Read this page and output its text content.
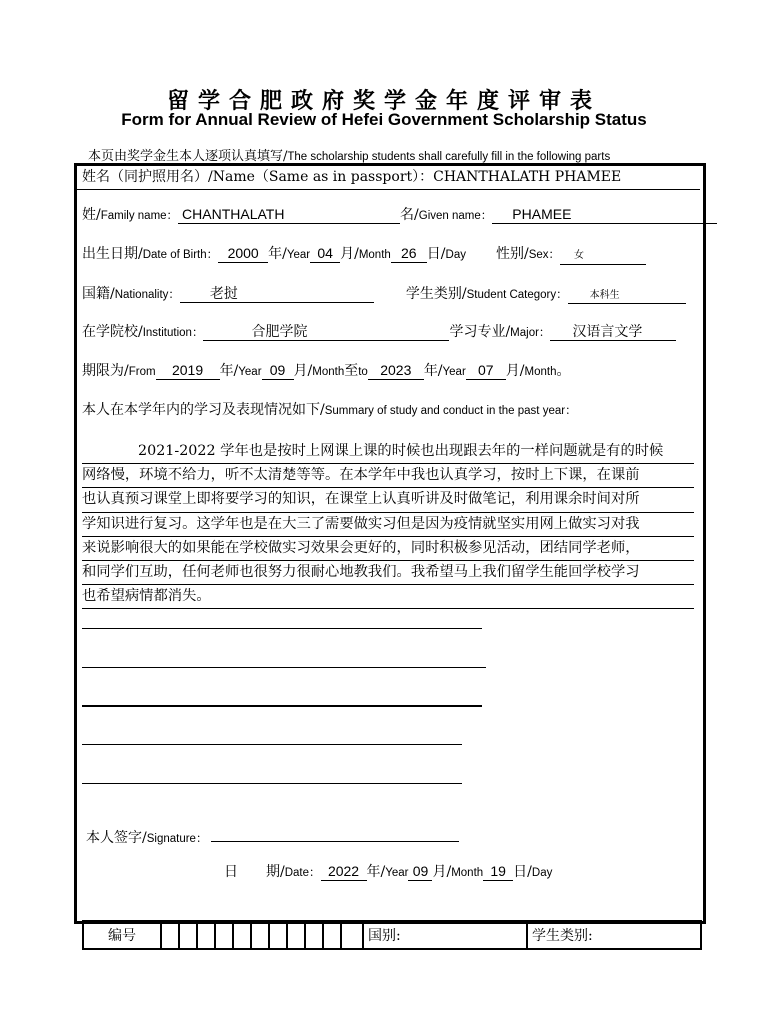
留学合肥政府奖学金年度评审表
Form for Annual Review of Hefei Government Scholarship Status
本页由奖学金生本人逐项认真填写/The scholarship students shall carefully fill in the following parts
姓名（同护照用名）/Name（Same as in passport）：CHANTHALATH PHAMEE
姓/Family name： CHANTHALATH	名/Given name： PHAMEE
出生日期/Date of Birth： 2000 年/Year 04 月/Month 26 日/Day 性别/Sex： 女
国籍/Nationality： 老挝	学生类别/Student Category： 本科生
在学院校/Institution：	合肥学院	学习专业/Major： 汉语言文学
期限为/From 2019 年/Year 09 月/Month至to 2023 年/Year 07 月/Month。
本人在本学年内的学习及表现情况如下/Summary of study and conduct in the past year：

2021-2022 学年也是按时上网课上课的时候也出现跟去年的一样问题就是有的时候

网络慢，环境不给力，听不太清楚等等。在本学年中我也认真学习，按时上下课，在课前

也认真预习课堂上即将要学习的知识，在课堂上认真听讲及时做笔记，利用课余时间对所

学知识进行复习。这学年也是在大三了需要做实习但是因为疫情就坚实用网上做实习对我

来说影响很大的如果能在学校做实习效果会更好的，同时积极参见活动，团结同学老师，

和同学们互助，任何老师也很努力很耐心地教我们。我希望马上我们留学生能回学校学习

也希望病情都消失。

本人签字/Signature：
日　　期/Date： 2022 年/Year 09 月/Month 19 日/Day
编号	国别:	学生类别:
